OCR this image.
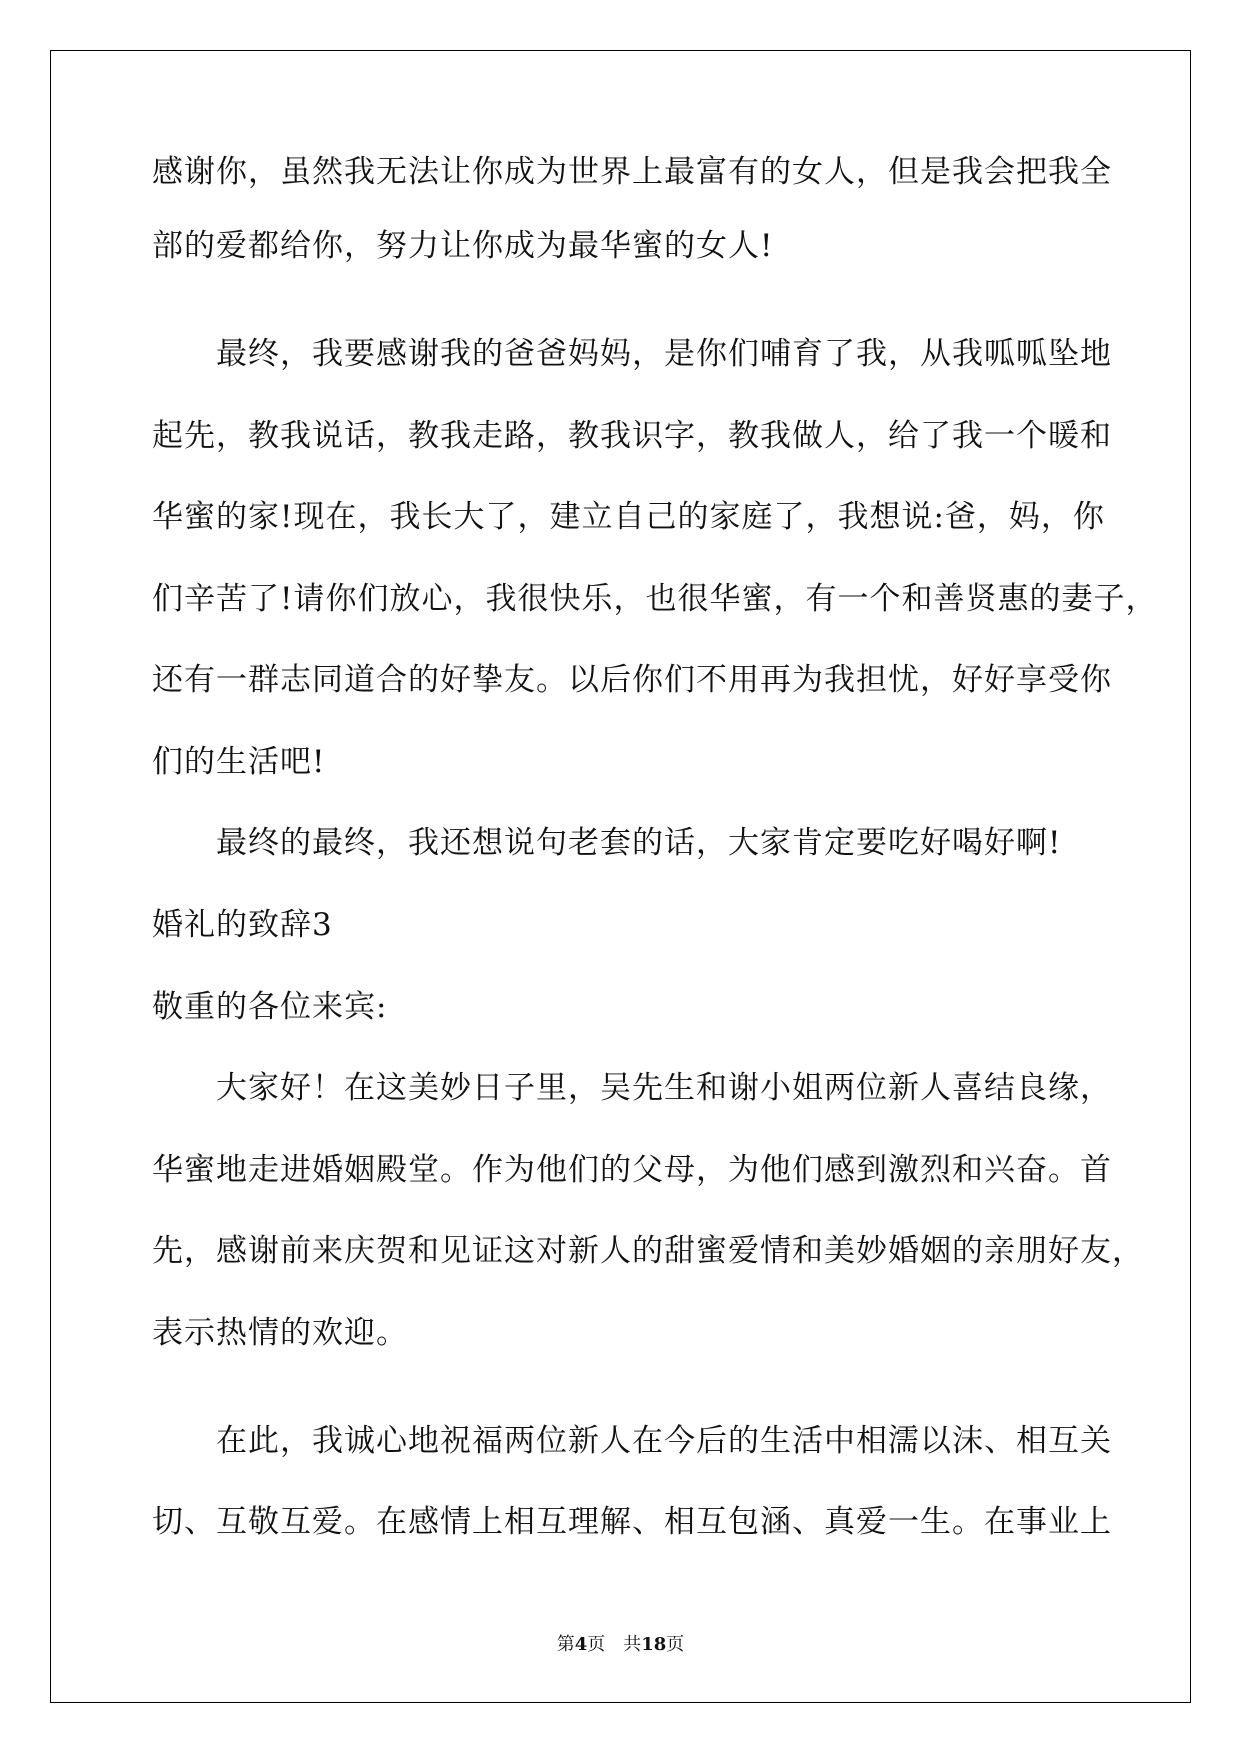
感谢你，虽然我无法让你成为世界上最富有的女人，但是我会把我全
部的爱都给你，努力让你成为最华蜜的女人!
最终，我要感谢我的爸爸妈妈，是你们哺育了我，从我呱呱坠地
起先，教我说话，教我走路，教我识字，教我做人，给了我一个暖和
华蜜的家!现在，我长大了，建立自己的家庭了，我想说:爸，妈，你
们辛苦了!请你们放心，我很快乐，也很华蜜，有一个和善贤惠的妻子，
还有一群志同道合的好挚友。以后你们不用再为我担忧，好好享受你
们的生活吧!
最终的最终，我还想说句老套的话，大家肯定要吃好喝好啊!
婚礼的致辞3
敬重的各位来宾:
大家好！在这美妙日子里，吴先生和谢小姐两位新人喜结良缘，
华蜜地走进婚姻殿堂。作为他们的父母，为他们感到激烈和兴奋。首
先，感谢前来庆贺和见证这对新人的甜蜜爱情和美妙婚姻的亲朋好友，
表示热情的欢迎。
在此，我诚心地祝福两位新人在今后的生活中相濡以沫、相互关
切、互敬互爱。在感情上相互理解、相互包涵、真爱一生。在事业上
第4页　共18页
